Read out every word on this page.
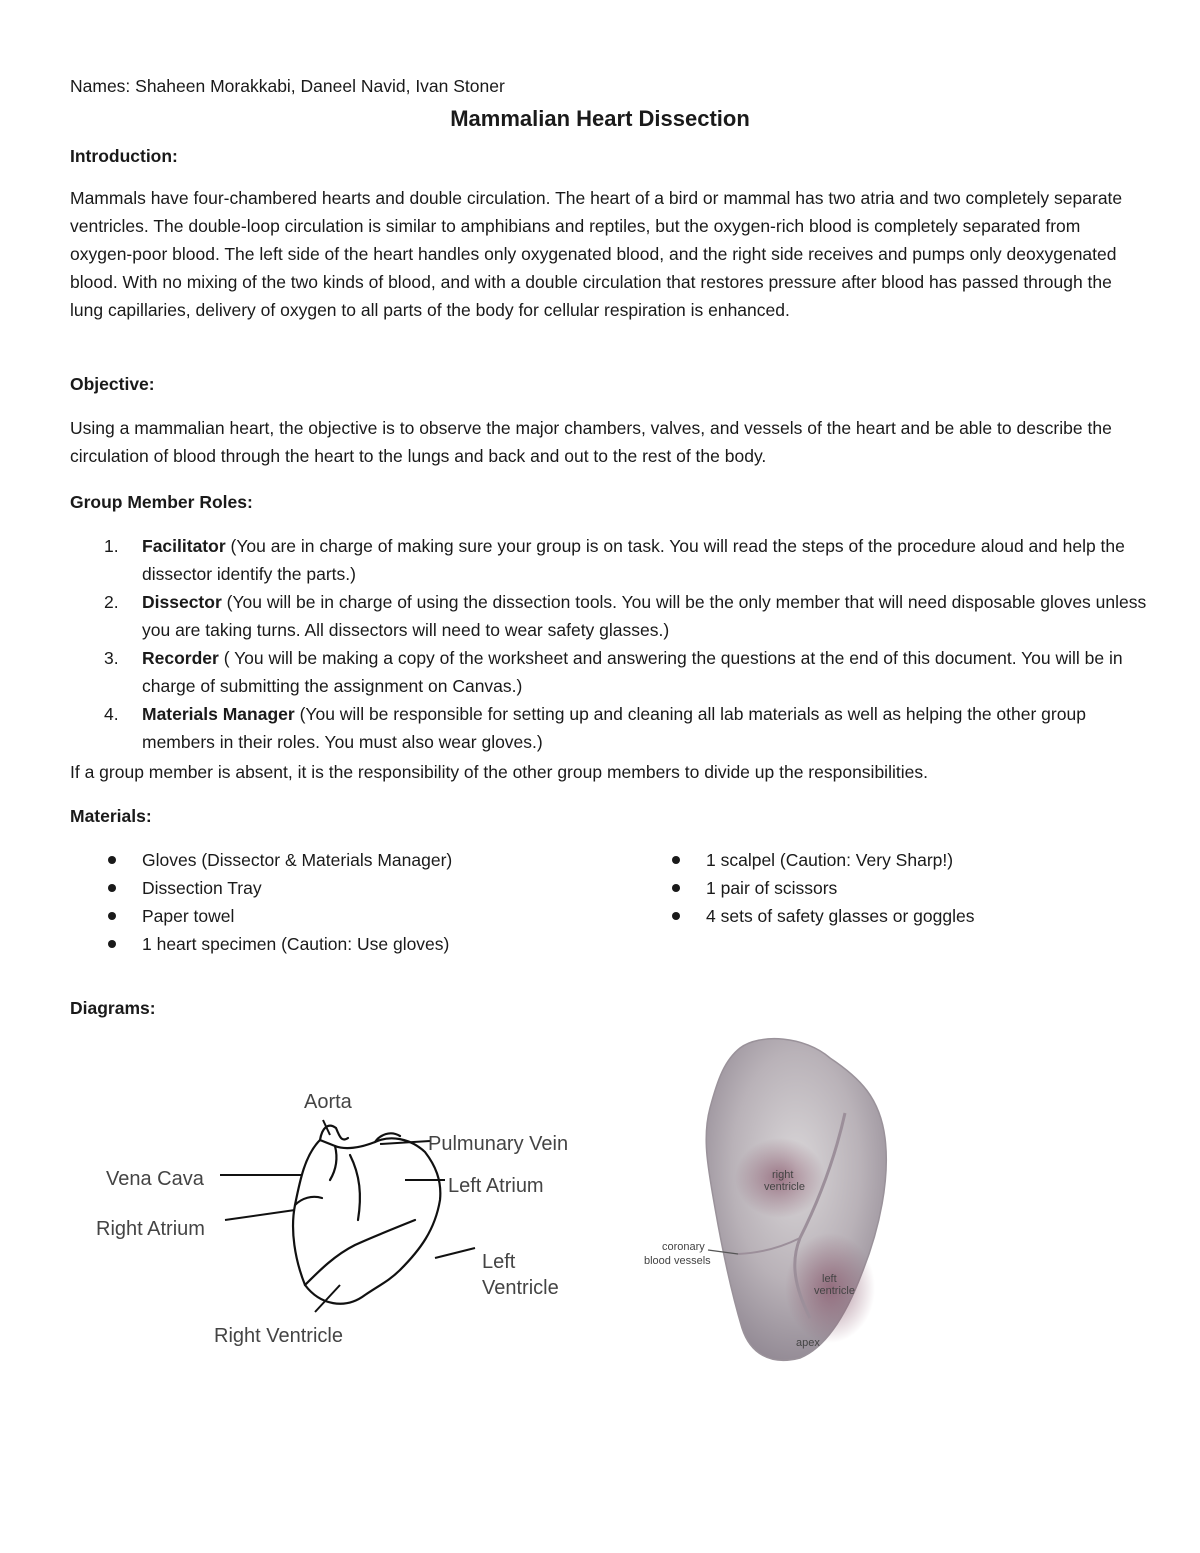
Names: Shaheen Morakkabi, Daneel Navid, Ivan Stoner
Mammalian Heart Dissection
Introduction:
Mammals have four-chambered hearts and double circulation. The heart of a bird or mammal has two atria and two completely separate ventricles. The double-loop circulation is similar to amphibians and reptiles, but the oxygen-rich blood is completely separated from oxygen-poor blood. The left side of the heart handles only oxygenated blood, and the right side receives and pumps only deoxygenated blood. With no mixing of the two kinds of blood, and with a double circulation that restores pressure after blood has passed through the lung capillaries, delivery of oxygen to all parts of the body for cellular respiration is enhanced.
Objective:
Using a mammalian heart, the objective is to observe the major chambers, valves, and vessels of the heart and be able to describe the circulation of blood through the heart to the lungs and back and out to the rest of the body.
Group Member Roles:
1. Facilitator (You are in charge of making sure your group is on task. You will read the steps of the procedure aloud and help the dissector identify the parts.)
2. Dissector (You will be in charge of using the dissection tools. You will be the only member that will need disposable gloves unless you are taking turns. All dissectors will need to wear safety glasses.)
3. Recorder ( You will be making a copy of the worksheet and answering the questions at the end of this document. You will be in charge of submitting the assignment on Canvas.)
4. Materials Manager (You will be responsible for setting up and cleaning all lab materials as well as helping the other group members in their roles. You must also wear gloves.)
If a group member is absent, it is the responsibility of the other group members to divide up the responsibilities.
Materials:
Gloves (Dissector & Materials Manager)
Dissection Tray
Paper towel
1 heart specimen (Caution: Use gloves)
1 scalpel (Caution: Very Sharp!)
1 pair of scissors
4 sets of safety glasses or goggles
Diagrams:
Aorta
Pulmunary Vein
Vena Cava	Left Atrium
Right Atrium
Left
Ventricle
Right Ventricle
right
ventricle
coronary
blood vessels
left
ventricle
apex
